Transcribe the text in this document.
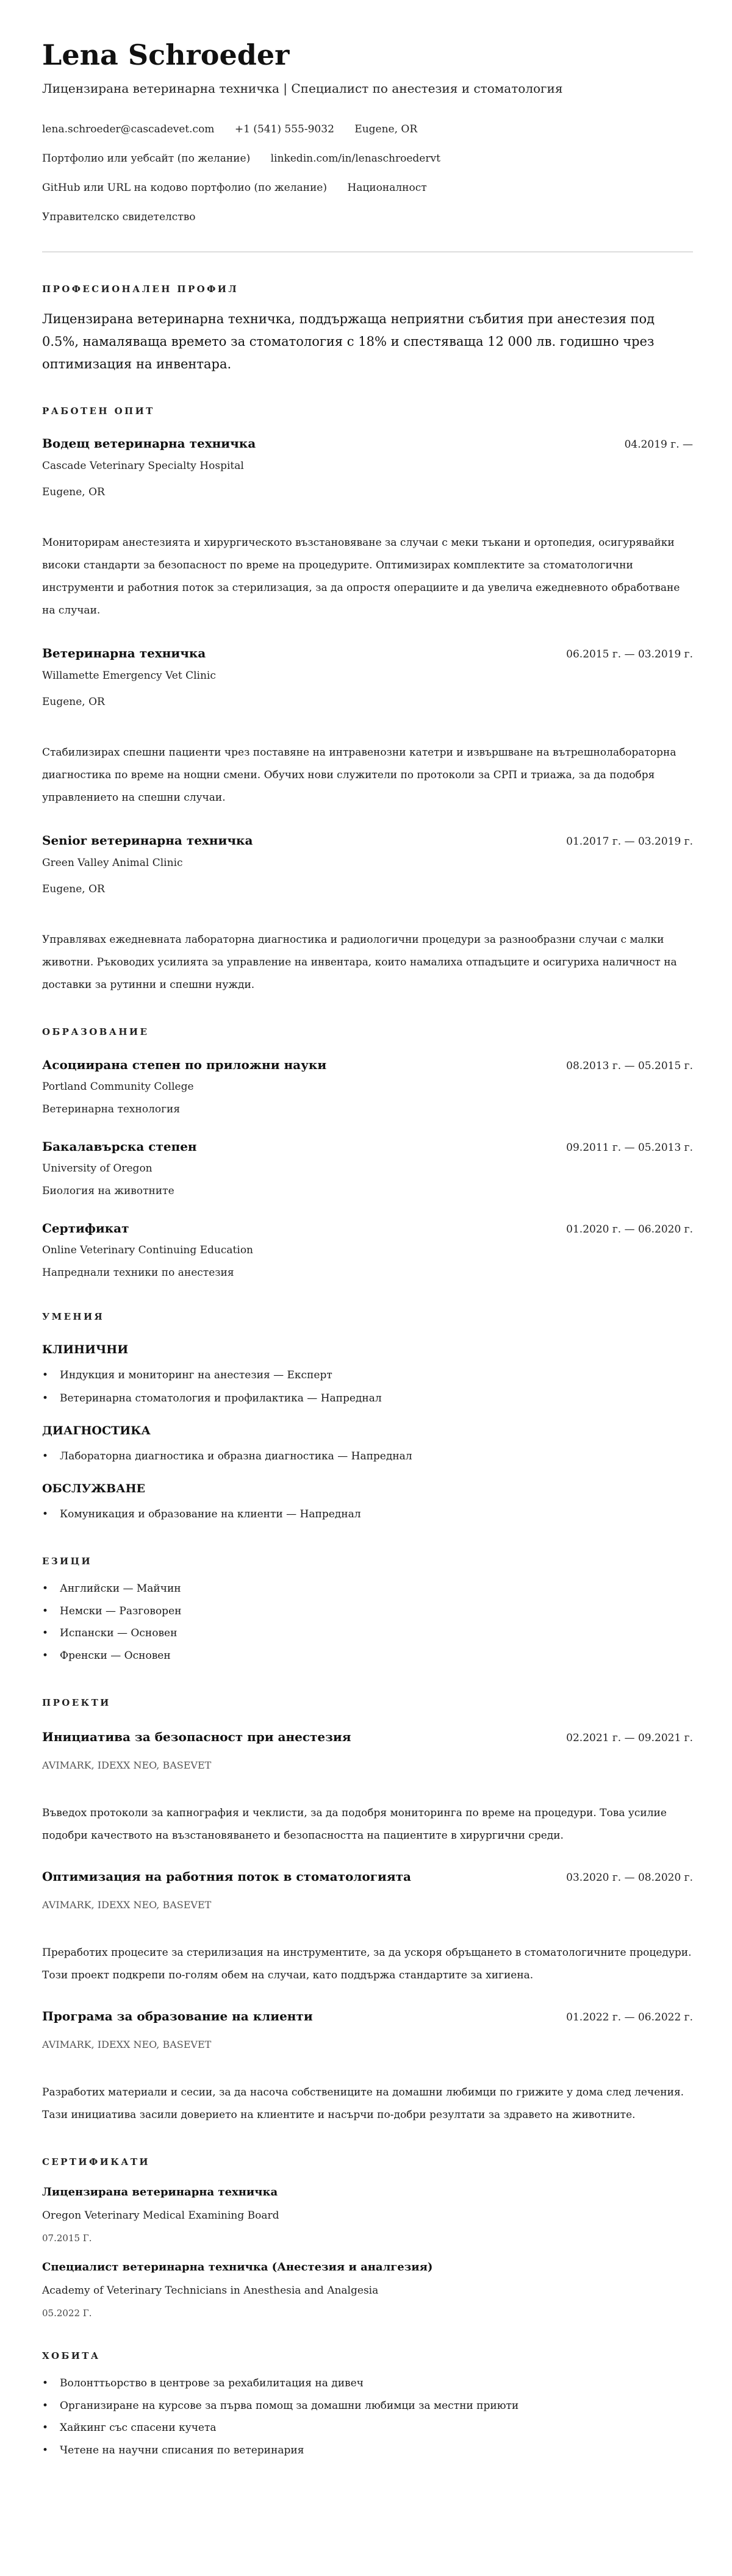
Lena Schroeder
Лицензирана ветеринарна техничка | Специалист по анестезия и стоматология
lena.schroeder@cascadevet.com +1 (541) 555-9032 Eugene, OR
Портфолио или уебсайт (по желание) linkedin.com/in/lenaschroedervt
GitHub или URL на кодово портфолио (по желание) Националност
Управителско свидетелство
ПРОФЕСИОНАЛЕН ПРОФИЛ

Лицензирана ветеринарна техничка, поддържаща неприятни събития при анестезия под 0.5%, намаляваща времето за стоматология с 18% и спестяваща 12 000 лв. годишно чрез оптимизация на инвентара.

РАБОТЕН ОПИТ
Водещ ветеринарна техничка	04.2019 г. —
Cascade Veterinary Specialty Hospital
Eugene, OR

Мониторирам анестезията и хирургическото възстановяване за случаи с меки тъкани и ортопедия, осигурявайки високи стандарти за безопасност по време на процедурите. Оптимизирах комплектите за стоматологични инструменти и работния поток за стерилизация, за да опростя операциите и да увелича ежедневното обработване на случаи.

Ветеринарна техничка	06.2015 г. — 03.2019 г.
Willamette Emergency Vet Clinic
Eugene, OR

Стабилизирах спешни пациенти чрез поставяне на интравенозни катетри и извършване на вътрешнолабораторна диагностика по време на нощни смени. Обучих нови служители по протоколи за СРП и триажа, за да подобря управлението на спешни случаи.

Senior ветеринарна техничка	01.2017 г. — 03.2019 г.
Green Valley Animal Clinic
Eugene, OR

Управлявах ежедневната лабораторна диагностика и радиологични процедури за разнообразни случаи с малки животни. Ръководих усилията за управление на инвентара, които намалиха отпадъците и осигуриха наличност на доставки за рутинни и спешни нужди.

ОБРАЗОВАНИЕ
Асоциирана степен по приложни науки	08.2013 г. — 05.2015 г.
Portland Community College
Ветеринарна технология
Бакалавърска степен	09.2011 г. — 05.2013 г.
University of Oregon
Биология на животните
Сертификат	01.2020 г. — 06.2020 г.
Online Veterinary Continuing Education
Напреднали техники по анестезия
УМЕНИЯ
КЛИНИЧНИ
• Индукция и мониторинг на анестезия — Експерт
• Ветеринарна стоматология и профилактика — Напреднал
ДИАГНОСТИКА
• Лабораторна диагностика и образна диагностика — Напреднал
ОБСЛУЖВАНЕ
• Комуникация и образование на клиенти — Напреднал
ЕЗИЦИ
• Английски — Майчин
• Немски — Разговорен
• Испански — Основен
• Френски — Основен
ПРОЕКТИ
Инициатива за безопасност при анестезия	02.2021 г. — 09.2021 г.
AVIMARK, IDEXX NEO, BASEVET

Въведох протоколи за капнография и чеклисти, за да подобря мониторинга по време на процедури. Това усилие подобри качеството на възстановяването и безопасността на пациентите в хирургични среди.

Оптимизация на работния поток в стоматологията	03.2020 г. — 08.2020 г.
AVIMARK, IDEXX NEO, BASEVET

Преработих процесите за стерилизация на инструментите, за да ускоря обръщането в стоматологичните процедури. Този проект подкрепи по-голям обем на случаи, като поддържа стандартите за хигиена.

Програма за образование на клиенти	01.2022 г. — 06.2022 г.
AVIMARK, IDEXX NEO, BASEVET

Разработих материали и сесии, за да насоча собствениците на домашни любимци по грижите у дома след лечения. Тази инициатива засили доверието на клиентите и насърчи по-добри резултати за здравето на животните.

СЕРТИФИКАТИ
Лицензирана ветеринарна техничка
Oregon Veterinary Medical Examining Board
07.2015 Г.
Специалист ветеринарна техничка (Анестезия и аналгезия)
Academy of Veterinary Technicians in Anesthesia and Analgesia
05.2022 Г.
ХОБИТА
• Волонттьорство в центрове за рехабилитация на дивеч
• Организиране на курсове за първа помощ за домашни любимци за местни приюти
• Хайкинг със спасени кучета
• Четене на научни списания по ветеринария
